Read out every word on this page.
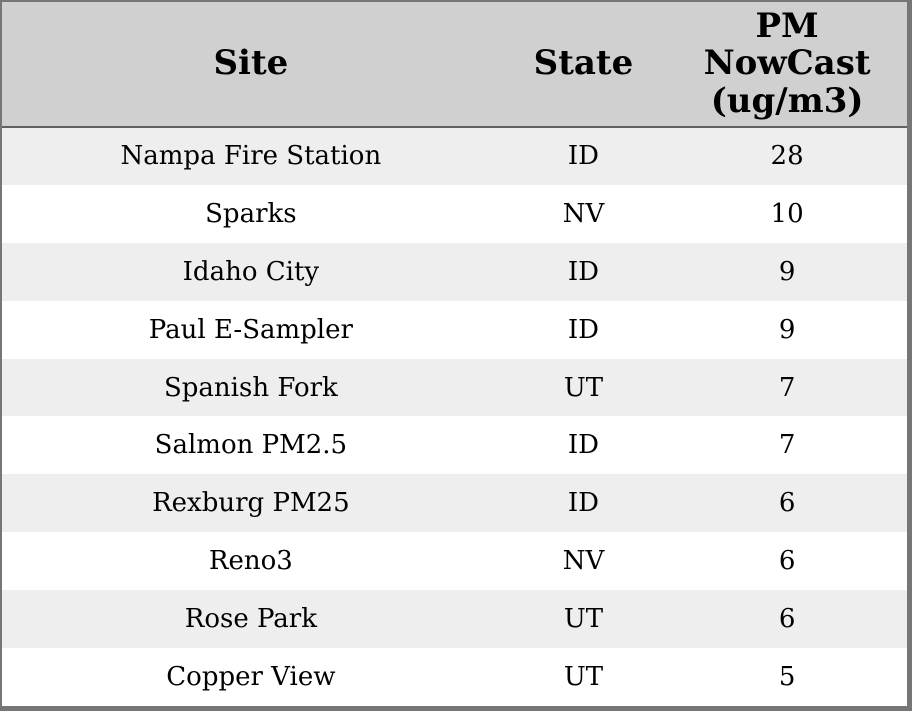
Site	State	PM
NowCast
(ug/m3)

Nampa Fire Station	ID	28
Sparks	NV	10
Idaho City	ID	9
Paul E-Sampler	ID	9
Spanish Fork	UT	7
Salmon PM2.5	ID	7
Rexburg PM25	ID	6
Reno3	NV	6
Rose Park	UT	6
Copper View	UT	5
